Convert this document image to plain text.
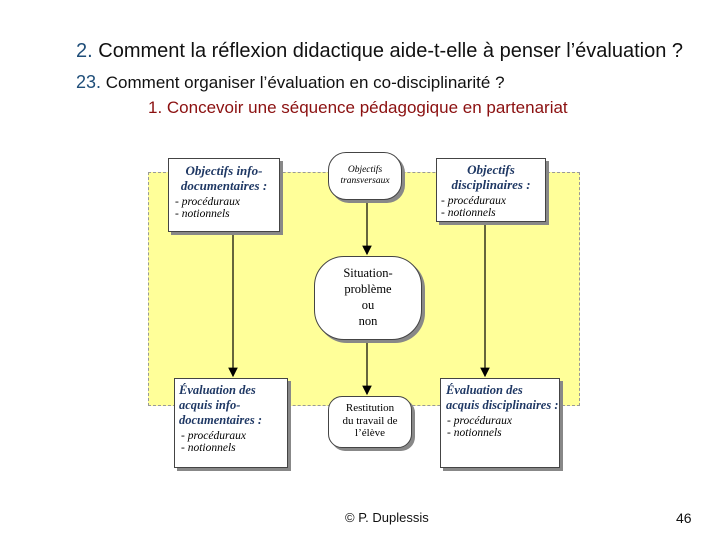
2. Comment la réflexion didactique aide-t-elle à penser l’évaluation ?
23. Comment organiser l’évaluation en co-disciplinarité ?
1. Concevoir une séquence pédagogique en partenariat
Objectifs info-documentaires :
- procéduraux
- notionnels
Objectifs transversaux
Objectifs disciplinaires :
- procéduraux
- notionnels
Situation-
problème
ou
non
Évaluation des acquis info-documentaires :
- procéduraux
- notionnels
Restitution
du travail de
l’élève
Évaluation des acquis disciplinaires :
- procéduraux
- notionnels
© P. Duplessis	46
